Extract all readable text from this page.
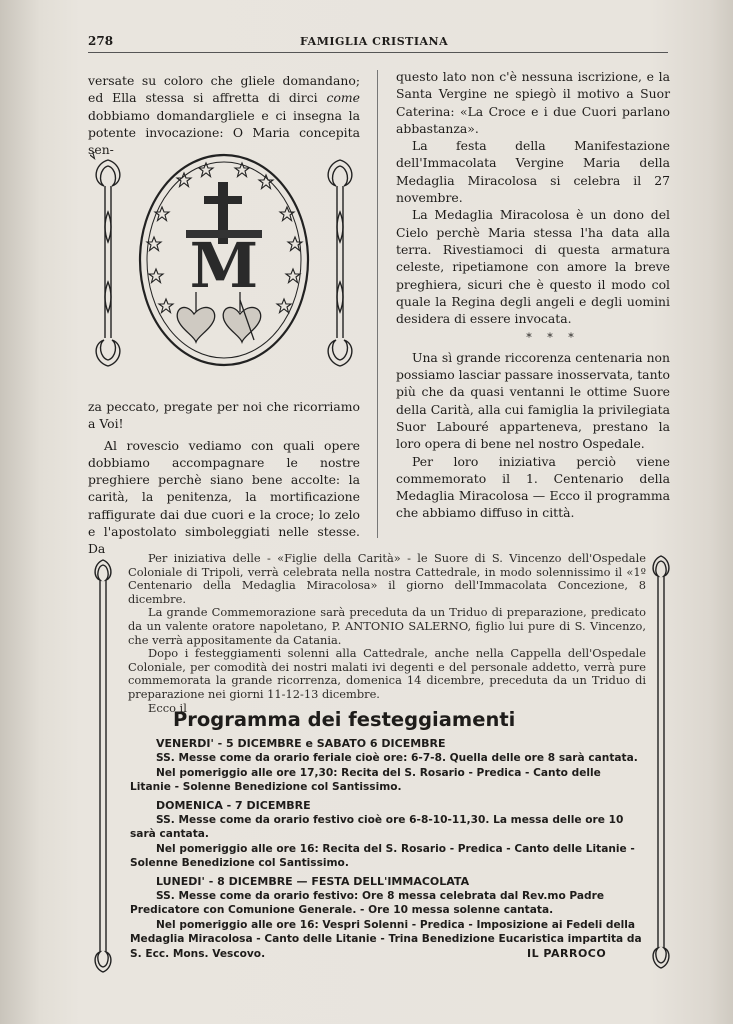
278	FAMIGLIA CRISTIANA

versate su coloro che gliele domandano; ed Ella stessa si affretta di dirci come dobbiamo domandargliele e ci insegna la potente invocazione: O Maria concepita sen-

M

za peccato, pregate per noi che ricorriamo a Voi!

Al rovescio vediamo con quali opere dobbiamo accompagnare le nostre preghiere perchè siano bene accolte: la carità, la penitenza, la mortificazione raffigurate dai due cuori e la croce; lo zelo e l'apostolato simboleggiati nelle stesse. Da

questo lato non c'è nessuna iscrizione, e la Santa Vergine ne spiegò il motivo a Suor Caterina: «La Croce e i due Cuori parlano abbastanza».

La festa della Manifestazione dell'Immacolata Vergine Maria della Medaglia Miracolosa si celebra il 27 novembre.

La Medaglia Miracolosa è un dono del Cielo perchè Maria stessa l'ha data alla terra. Rivestiamoci di questa armatura celeste, ripetiamone con amore la breve preghiera, sicuri che è questo il modo col quale la Regina degli angeli e degli uomini desidera di essere invocata.

* * *

Una sì grande riccorenza centenaria non possiamo lasciar passare inosservata, tanto più che da quasi ventanni le ottime Suore della Carità, alla cui famiglia la privilegiata Suor Labouré apparteneva, prestano la loro opera di bene nel nostro Ospedale.

Per loro iniziativa perciò viene commemorato il 1. Centenario della Medaglia Miracolosa — Ecco il programma che abbiamo diffuso in città.

Per iniziativa delle - «Figlie della Carità» - le Suore di S. Vincenzo dell'Ospedale Coloniale di Tripoli, verrà celebrata nella nostra Cattedrale, in modo solennissimo il «1º Centenario della Medaglia Miracolosa» il giorno dell'Immacolata Concezione, 8 dicembre.

La grande Commemorazione sarà preceduta da un Triduo di preparazione, predicato da un valente oratore napoletano, P. ANTONIO SALERNO, figlio lui pure di S. Vincenzo, che verrà appositamente da Catania.

Dopo i festeggiamenti solenni alla Cattedrale, anche nella Cappella dell'Ospedale Coloniale, per comodità dei nostri malati ivi degenti e del personale addetto, verrà pure commemorata la grande ricorrenza, domenica 14 dicembre, preceduta da un Triduo di preparazione nei giorni 11-12-13 dicembre.

Ecco il

Programma dei festeggiamenti

VENERDI' - 5 DICEMBRE e SABATO 6 DICEMBRE

SS. Messe come da orario feriale cioè ore: 6-7-8. Quella delle ore 8 sarà cantata.

Nel pomeriggio alle ore 17,30: Recita del S. Rosario - Predica - Canto delle Litanie - Solenne Benedizione col Santissimo.

DOMENICA - 7 DICEMBRE

SS. Messe come da orario festivo cioè ore 6-8-10-11,30. La messa delle ore 10 sarà cantata.

Nel pomeriggio alle ore 16: Recita del S. Rosario - Predica - Canto delle Litanie - Solenne Benedizione col Santissimo.

LUNEDI' - 8 DICEMBRE — FESTA DELL'IMMACOLATA

SS. Messe come da orario festivo: Ore 8 messa celebrata dal Rev.mo Padre Predicatore con Comunione Generale. - Ore 10 messa solenne cantata.

Nel pomeriggio alle ore 16: Vespri Solenni - Predica - Imposizione ai Fedeli della Medaglia Miracolosa - Canto delle Litanie - Trina Benedizione Eucaristica impartita da S. Ecc. Mons. Vescovo.	IL PARROCO
